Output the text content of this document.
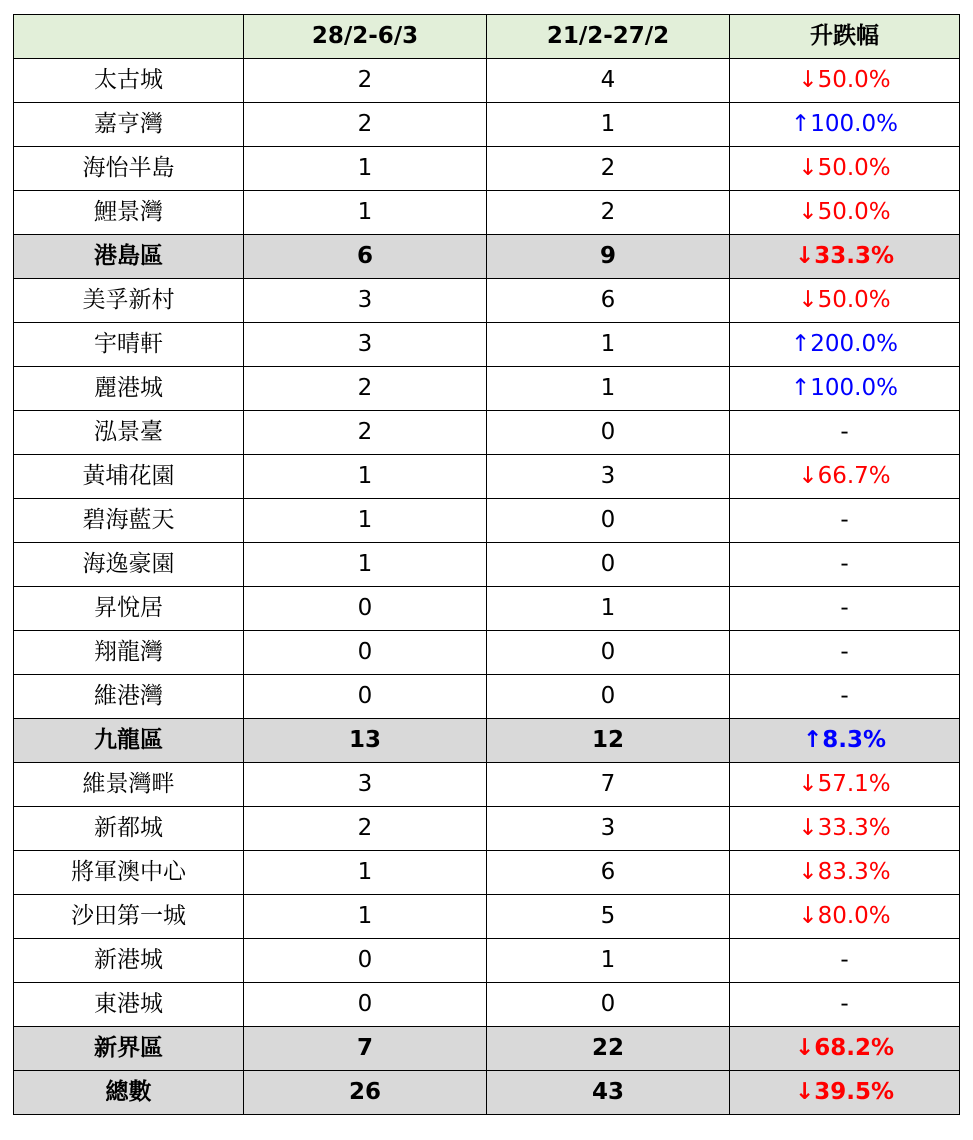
	28/2-6/3	21/2-27/2	升跌幅
太古城	2	4	↓50.0%
嘉亨灣	2	1	↑100.0%
海怡半島	1	2	↓50.0%
鯉景灣	1	2	↓50.0%
港島區	6	9	↓33.3%
美孚新村	3	6	↓50.0%
宇晴軒	3	1	↑200.0%
麗港城	2	1	↑100.0%
泓景臺	2	0	-
黃埔花園	1	3	↓66.7%
碧海藍天	1	0	-
海逸豪園	1	0	-
昇悅居	0	1	-
翔龍灣	0	0	-
維港灣	0	0	-
九龍區	13	12	↑8.3%
維景灣畔	3	7	↓57.1%
新都城	2	3	↓33.3%
將軍澳中心	1	6	↓83.3%
沙田第一城	1	5	↓80.0%
新港城	0	1	-
東港城	0	0	-
新界區	7	22	↓68.2%
總數	26	43	↓39.5%
